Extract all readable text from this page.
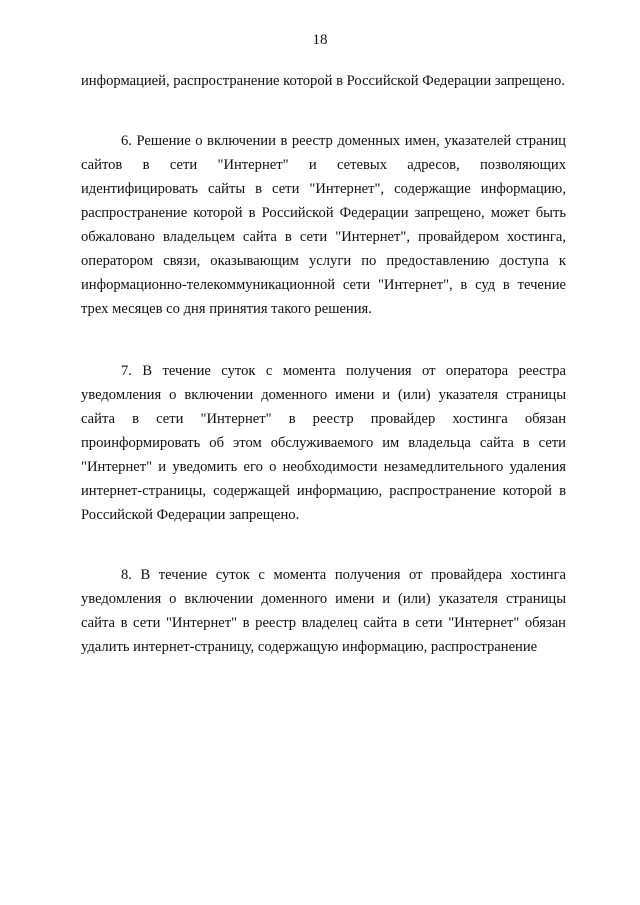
18

информацией, распространение которой в Российской Федерации запрещено.

6. Решение о включении в реестр доменных имен, указателей страниц сайтов в сети "Интернет" и сетевых адресов, позволяющих идентифицировать сайты в сети "Интернет", содержащие информацию, распространение которой в Российской Федерации запрещено, может быть обжаловано владельцем сайта в сети "Интернет", провайдером хостинга, оператором связи, оказывающим услуги по предоставлению доступа к информационно-телекоммуникационной сети "Интернет", в суд в течение трех месяцев со дня принятия такого решения.

7. В течение суток с момента получения от оператора реестра уведомления о включении доменного имени и (или) указателя страницы сайта в сети "Интернет" в реестр провайдер хостинга обязан проинформировать об этом обслуживаемого им владельца сайта в сети "Интернет" и уведомить его о необходимости незамедлительного удаления интернет-страницы, содержащей информацию, распространение которой в Российской Федерации запрещено.

8. В течение суток с момента получения от провайдера хостинга уведомления о включении доменного имени и (или) указателя страницы сайта в сети "Интернет" в реестр владелец сайта в сети "Интернет" обязан удалить интернет-страницу, содержащую информацию, распространение
